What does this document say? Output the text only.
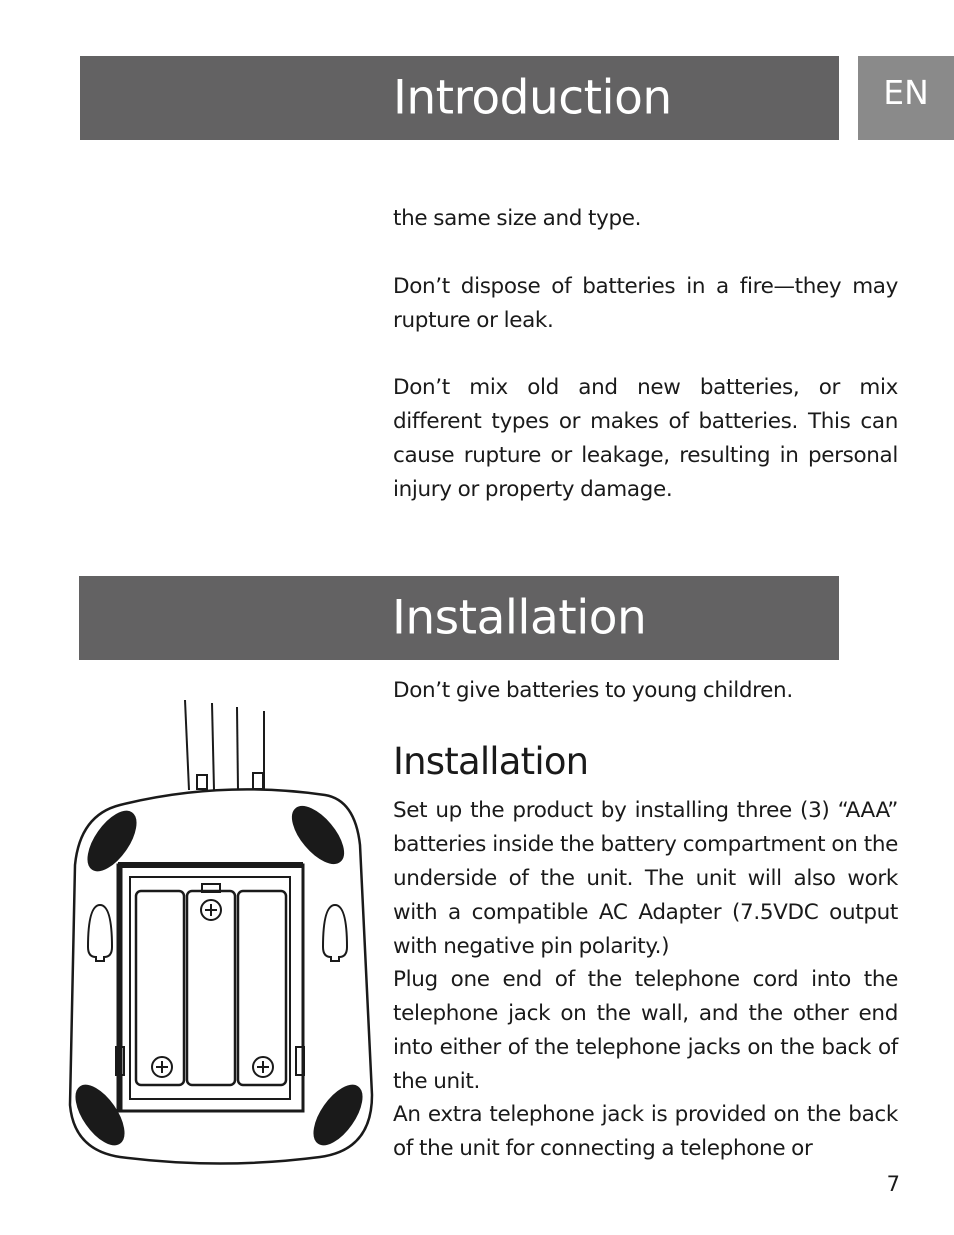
Introduction	EN

the same size and type.

Don’t dispose of batteries in a fire—they may rupture or leak.

Don’t mix old and new batteries, or mix different types or makes of batteries. This can cause rupture or leakage, resulting in personal injury or property damage.

Installation

Don’t give batteries to young children.

Installation

Set up the product by installing three (3) “AAA” batteries inside the battery compartment on the underside of the unit. The unit will also work with a compatible AC Adapter (7.5VDC output with negative pin polarity.)

Plug one end of the telephone cord into the telephone jack on the wall, and the other end into either of the telephone jacks on the back of the unit.

An extra telephone jack is provided on the back of the unit for connecting a telephone or

7
